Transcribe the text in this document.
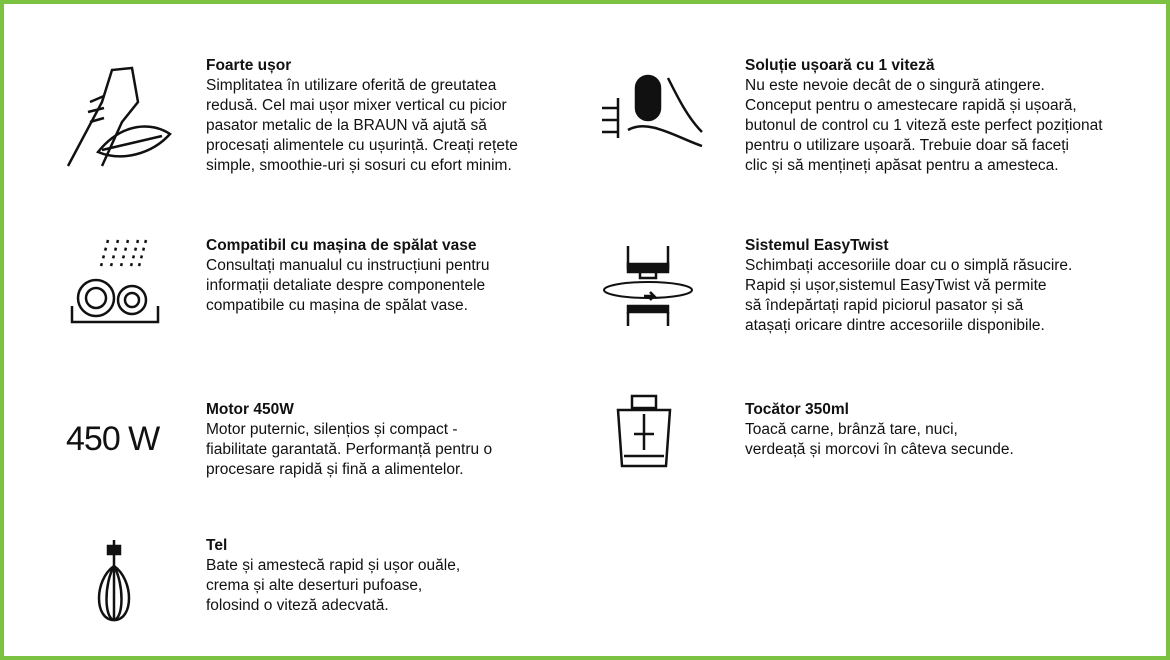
450 W
Foarte ușor
Simplitatea în utilizare oferită de greutatea
redusă. Cel mai ușor mixer vertical cu picior
pasator metalic de la BRAUN vă ajută să
procesați alimentele cu ușurință. Creați rețete
simple, smoothie-uri și sosuri cu efort minim.
Soluție ușoară cu 1 viteză
Nu este nevoie decât de o singură atingere.
Conceput pentru o amestecare rapidă și ușoară,
butonul de control cu 1 viteză este perfect poziționat
pentru o utilizare ușoară. Trebuie doar să faceți
clic și să mențineți apăsat pentru a amesteca.
Compatibil cu mașina de spălat vase
Consultați manualul cu instrucțiuni pentru
informații detaliate despre componentele
compatibile cu mașina de spălat vase.
Sistemul EasyTwist
Schimbați accesoriile doar cu o simplă răsucire.
Rapid și ușor,sistemul EasyTwist vă permite
să îndepărtați rapid piciorul pasator și să
atașați oricare dintre accesoriile disponibile.
Motor 450W
Motor puternic, silențios și compact -
fiabilitate garantată. Performanță pentru o
procesare rapidă și fină a alimentelor.
Tocător 350ml
Toacă carne, brânză tare, nuci,
verdeață și morcovi în câteva secunde.
Tel
Bate și amestecă rapid și ușor ouăle,
crema și alte deserturi pufoase,
folosind o viteză adecvată.
